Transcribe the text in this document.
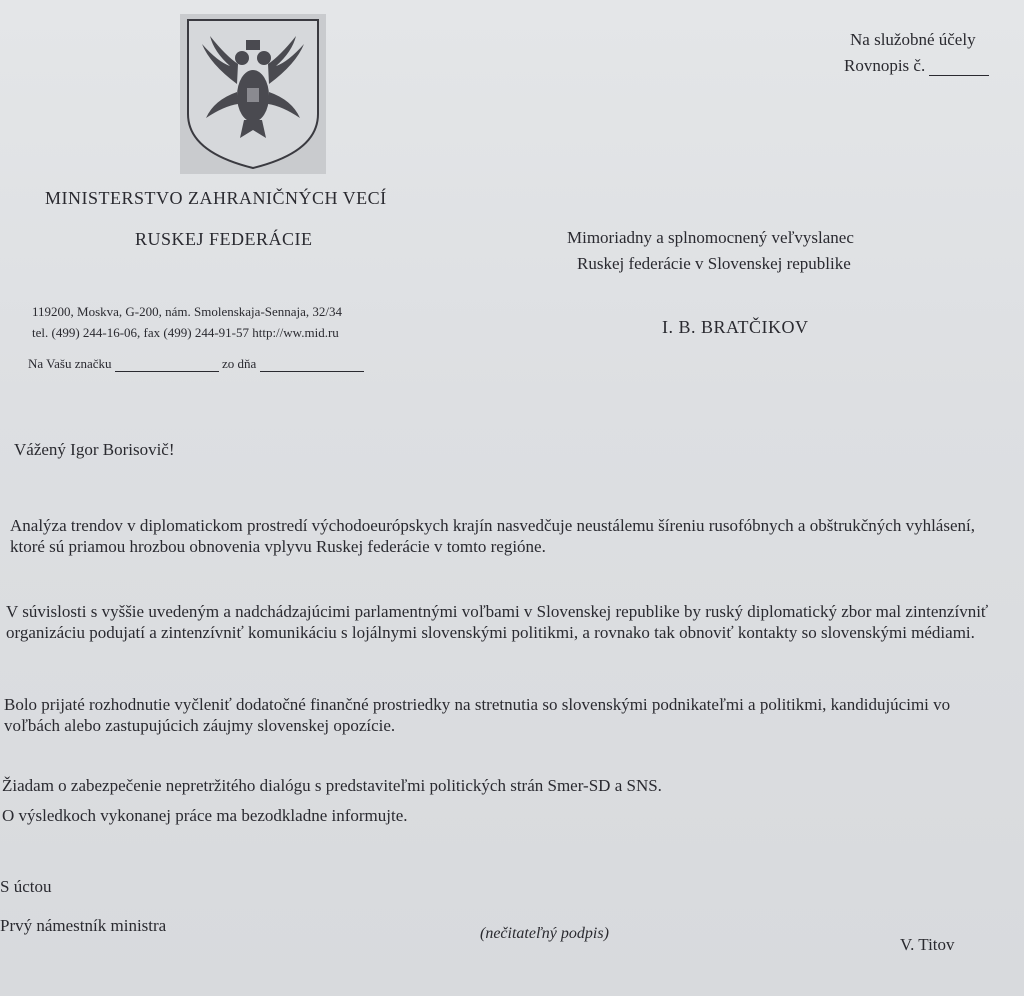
Na služobné účely
Rovnopis č.
MINISTERSTVO ZAHRANIČNÝCH VECÍ
RUSKEJ FEDERÁCIE	Mimoriadny a splnomocnený veľvyslanec
Ruskej federácie v Slovenskej republike
I. B. BRATČIKOV
119200, Moskva, G-200, nám. Smolenskaja-Sennaja, 32/34
tel. (499) 244-16-06, fax (499) 244-91-57 http://ww.mid.ru
Na Vašu značku	zo dňa
Vážený Igor Borisovič!
Analýza trendov v diplomatickom prostredí východoeurópskych krajín nasvedčuje neustálemu šíreniu rusofóbnych a obštrukčných vyhlásení, ktoré sú priamou hrozbou obnovenia vplyvu Ruskej federácie v tomto regióne.
V súvislosti s vyššie uvedeným a nadchádzajúcimi parlamentnými voľbami v Slovenskej republike by ruský diplomatický zbor mal zintenzívniť organizáciu podujatí a zintenzívniť komunikáciu s lojálnymi slovenskými politikmi, a rovnako tak obnoviť kontakty so slovenskými médiami.
Bolo prijaté rozhodnutie vyčleniť dodatočné finančné prostriedky na stretnutia so slovenskými podnikateľmi a politikmi, kandidujúcimi vo voľbách alebo zastupujúcich záujmy slovenskej opozície.
Žiadam o zabezpečenie nepretržitého dialógu s predstaviteľmi politických strán Smer-SD a SNS.
O výsledkoch vykonanej práce ma bezodkladne informujte.
S úctou
Prvý námestník ministra	(nečitateľný podpis)
V. Titov
